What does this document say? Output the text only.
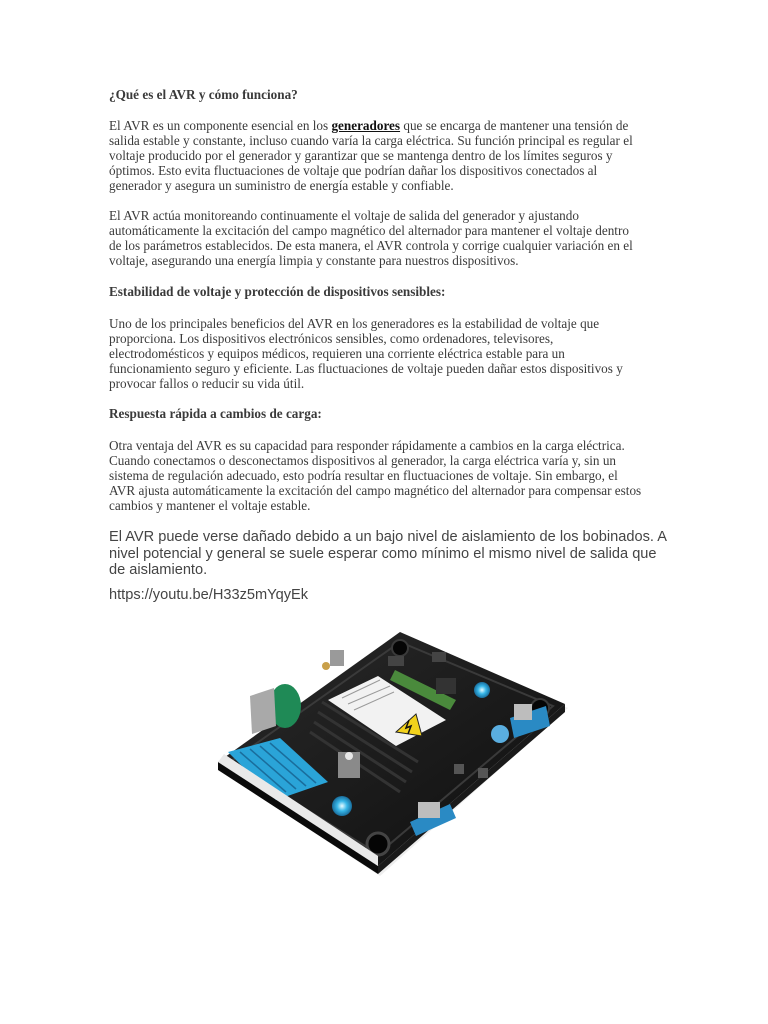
¿Qué es el AVR y cómo funciona?
El AVR es un componente esencial en los generadores que se encarga de mantener una tensión de
salida estable y constante, incluso cuando varía la carga eléctrica. Su función principal es regular el
voltaje producido por el generador y garantizar que se mantenga dentro de los límites seguros y
óptimos. Esto evita fluctuaciones de voltaje que podrían dañar los dispositivos conectados al
generador y asegura un suministro de energía estable y confiable.
El AVR actúa monitoreando continuamente el voltaje de salida del generador y ajustando
automáticamente la excitación del campo magnético del alternador para mantener el voltaje dentro
de los parámetros establecidos. De esta manera, el AVR controla y corrige cualquier variación en el
voltaje, asegurando una energía limpia y constante para nuestros dispositivos.
Estabilidad de voltaje y protección de dispositivos sensibles:
Uno de los principales beneficios del AVR en los generadores es la estabilidad de voltaje que
proporciona. Los dispositivos electrónicos sensibles, como ordenadores, televisores,
electrodomésticos y equipos médicos, requieren una corriente eléctrica estable para un
funcionamiento seguro y eficiente. Las fluctuaciones de voltaje pueden dañar estos dispositivos y
provocar fallos o reducir su vida útil.
Respuesta rápida a cambios de carga:
Otra ventaja del AVR es su capacidad para responder rápidamente a cambios en la carga eléctrica.
Cuando conectamos o desconectamos dispositivos al generador, la carga eléctrica varía y, sin un
sistema de regulación adecuado, esto podría resultar en fluctuaciones de voltaje. Sin embargo, el
AVR ajusta automáticamente la excitación del campo magnético del alternador para compensar estos
cambios y mantener el voltaje estable.
El AVR puede verse dañado debido a un bajo nivel de aislamiento de los bobinados. A
nivel potencial y general se suele esperar como mínimo el mismo nivel de salida que
de aislamiento.
https://youtu.be/H33z5mYqyEk
